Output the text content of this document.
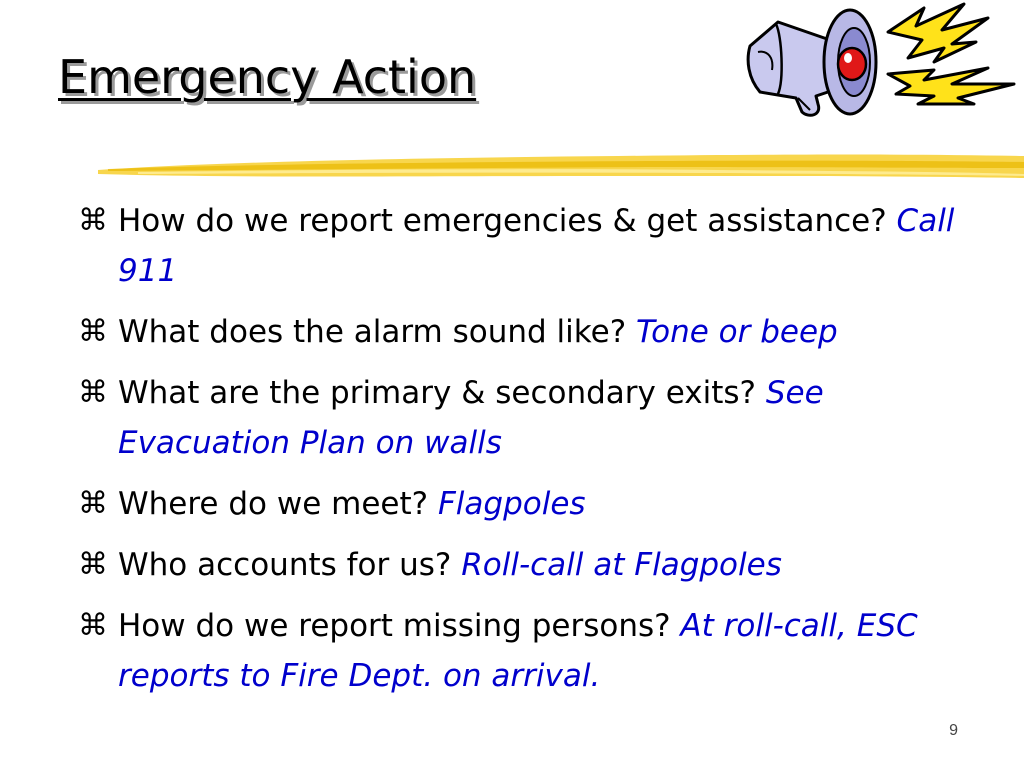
Emergency Action
⌘ How do we report emergencies & get assistance? Call 911
⌘ What does the alarm sound like? Tone or beep
⌘ What are the primary & secondary exits? See Evacuation Plan on walls
⌘ Where do we meet? Flagpoles
⌘ Who accounts for us? Roll-call at Flagpoles
⌘ How do we report missing persons? At roll-call, ESC reports to Fire Dept. on arrival.
9
